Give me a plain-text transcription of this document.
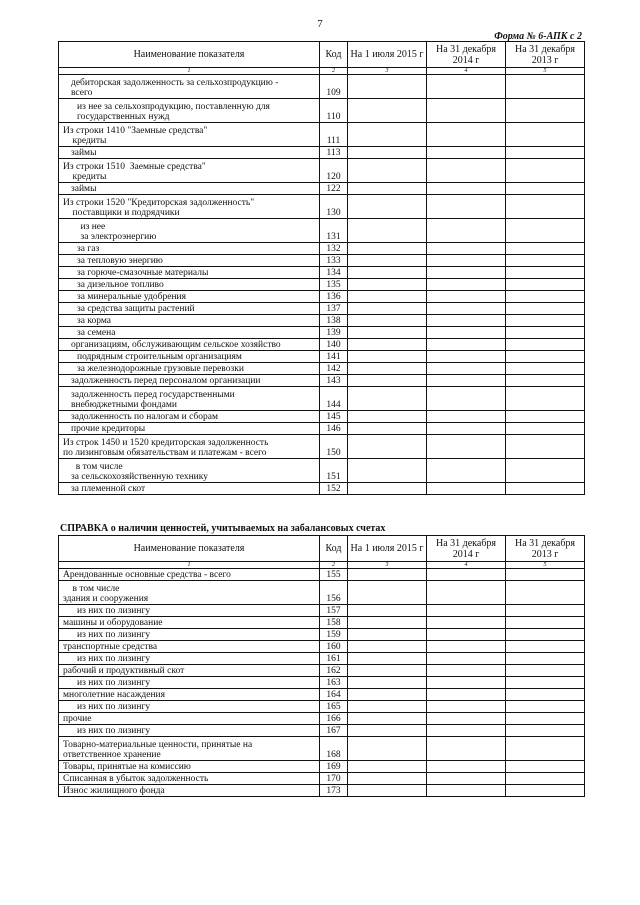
7
Форма № 6-АПК с 2
Наименование показателя	Код	На 1 июля 2015 г	На 31 декабря 2014 г	На 31 декабря 2013 г
1	2	3	4	5
дебиторская задолженность за сельхозпродукцию -
всего	109			
из нее за сельхозпродукцию, поставленную для
государственных нужд	110			
Из строки 1410 "Заемные средства"
кредиты	111			
займы	113			
Из строки 1510  Заемные средства"
кредиты	120			
займы	122			
Из строки 1520 "Кредиторская задолженность"
поставщики и подрядчики	130			
из нее
за электроэнергию	131			
за газ	132			
за тепловую энергию	133			
за горюче-смазочные материалы	134			
за дизельное топливо	135			
за минеральные удобрения	136			
за средства защиты растений	137			
за корма	138			
за семена	139			
организациям, обслуживающим сельское хозяйство	140			
подрядным строительным организациям	141			
за железнодорожные грузовые перевозки	142			
задолженность перед персоналом организации	143			
задолженность перед государственными
внебюджетными фондами	144			
задолженность по налогам и сборам	145			
прочие кредиторы	146			
Из строк 1450 и 1520 кредиторская задолженность
по лизинговым обязательствам и платежам - всего	150			
в том числе
за сельскохозяйственную технику	151			
за племенной скот	152			
СПРАВКА о наличии ценностей, учитываемых на забалансовых счетах
Наименование показателя	Код	На 1 июля 2015 г	На 31 декабря 2014 г	На 31 декабря 2013 г
1	2	3	4	5
Арендованные основные средства - всего	155			
в том числе
здания и сооружения	156			
из них по лизингу	157			
машины и оборудование	158			
из них по лизингу	159			
транспортные средства	160			
из них по лизингу	161			
рабочий и продуктивный скот	162			
из них по лизингу	163			
многолетние насаждения	164			
из них по лизингу	165			
прочие	166			
из них по лизингу	167			
Товарно-материальные ценности, принятые на
ответственное хранение	168			
Товары, принятые на комиссию	169			
Списанная в убыток задолженность	170			
Износ жилищного фонда	173			
